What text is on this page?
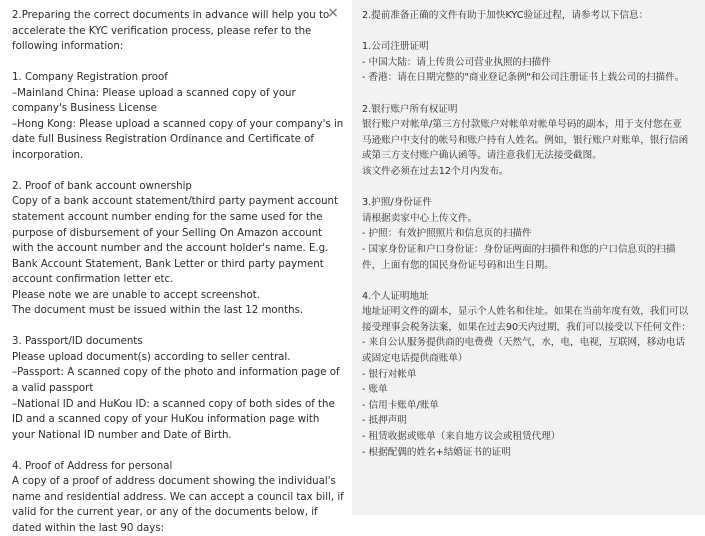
2.Preparing the correct documents in advance will help you to accelerate the KYC verification process, please refer to the following information:
1. Company Registration proof
–Mainland China: Please upload a scanned copy of your company's Business License
–Hong Kong: Please upload a scanned copy of your company's in date full Business Registration Ordinance and Certificate of incorporation.
2. Proof of bank account ownership
Copy of a bank account statement/third party payment account statement account number ending for the same used for the purpose of disbursement of your Selling On Amazon account with the account number and the account holder's name. E.g. Bank Account Statement, Bank Letter or third party payment account confirmation letter etc.
Please note we are unable to accept screenshot.
The document must be issued within the last 12 months.
3. Passport/ID documents
Please upload document(s) according to seller central.
–Passport: A scanned copy of the photo and information page of a valid passport
–National ID and HuKou ID: a scanned copy of both sides of the ID and a scanned copy of your HuKou information page with your National ID number and Date of Birth.
4. Proof of Address for personal
A copy of a proof of address document showing the individual's name and residential address. We can accept a council tax bill, if valid for the current year, or any of the documents below, if dated within the last 90 days:
× 2.提前准备正确的文件有助于加快KYC验证过程，请参考以下信息：
1.公司注册证明
- 中国大陆：请上传贵公司营业执照的扫描件
- 香港：请在日期完整的"商业登记条例"和公司注册证书上载公司的扫描件。
2.银行账户所有权证明
银行账户对帐单/第三方付款账户对帐单对帐单号码的副本，用于支付您在亚马逊账户中支付的帐号和账户持有人姓名。例如，银行账户对账单，银行信函或第三方支付账户确认函等。请注意我们无法接受截图。
该文件必须在过去12个月内发布。
3.护照/身份证件
请根据卖家中心上传文件。
- 护照：有效护照照片和信息页的扫描件
- 国家身份证和户口身份证：身份证两面的扫描件和您的户口信息页的扫描件，上面有您的国民身份证号码和出生日期。
4.个人证明地址
地址证明文件的副本，显示个人姓名和住址。如果在当前年度有效，我们可以接受理事会税务法案，如果在过去90天内过期，我们可以接受以下任何文件：
- 来自公认服务提供商的电费费（天然气，水，电，电视，互联网，移动电话或固定电话提供商账单）
- 银行对帐单
- 账单
- 信用卡账单/账单
- 抵押声明
- 租赁收据或账单（来自地方议会或租赁代理）
- 根据配偶的姓名+结婚证书的证明
